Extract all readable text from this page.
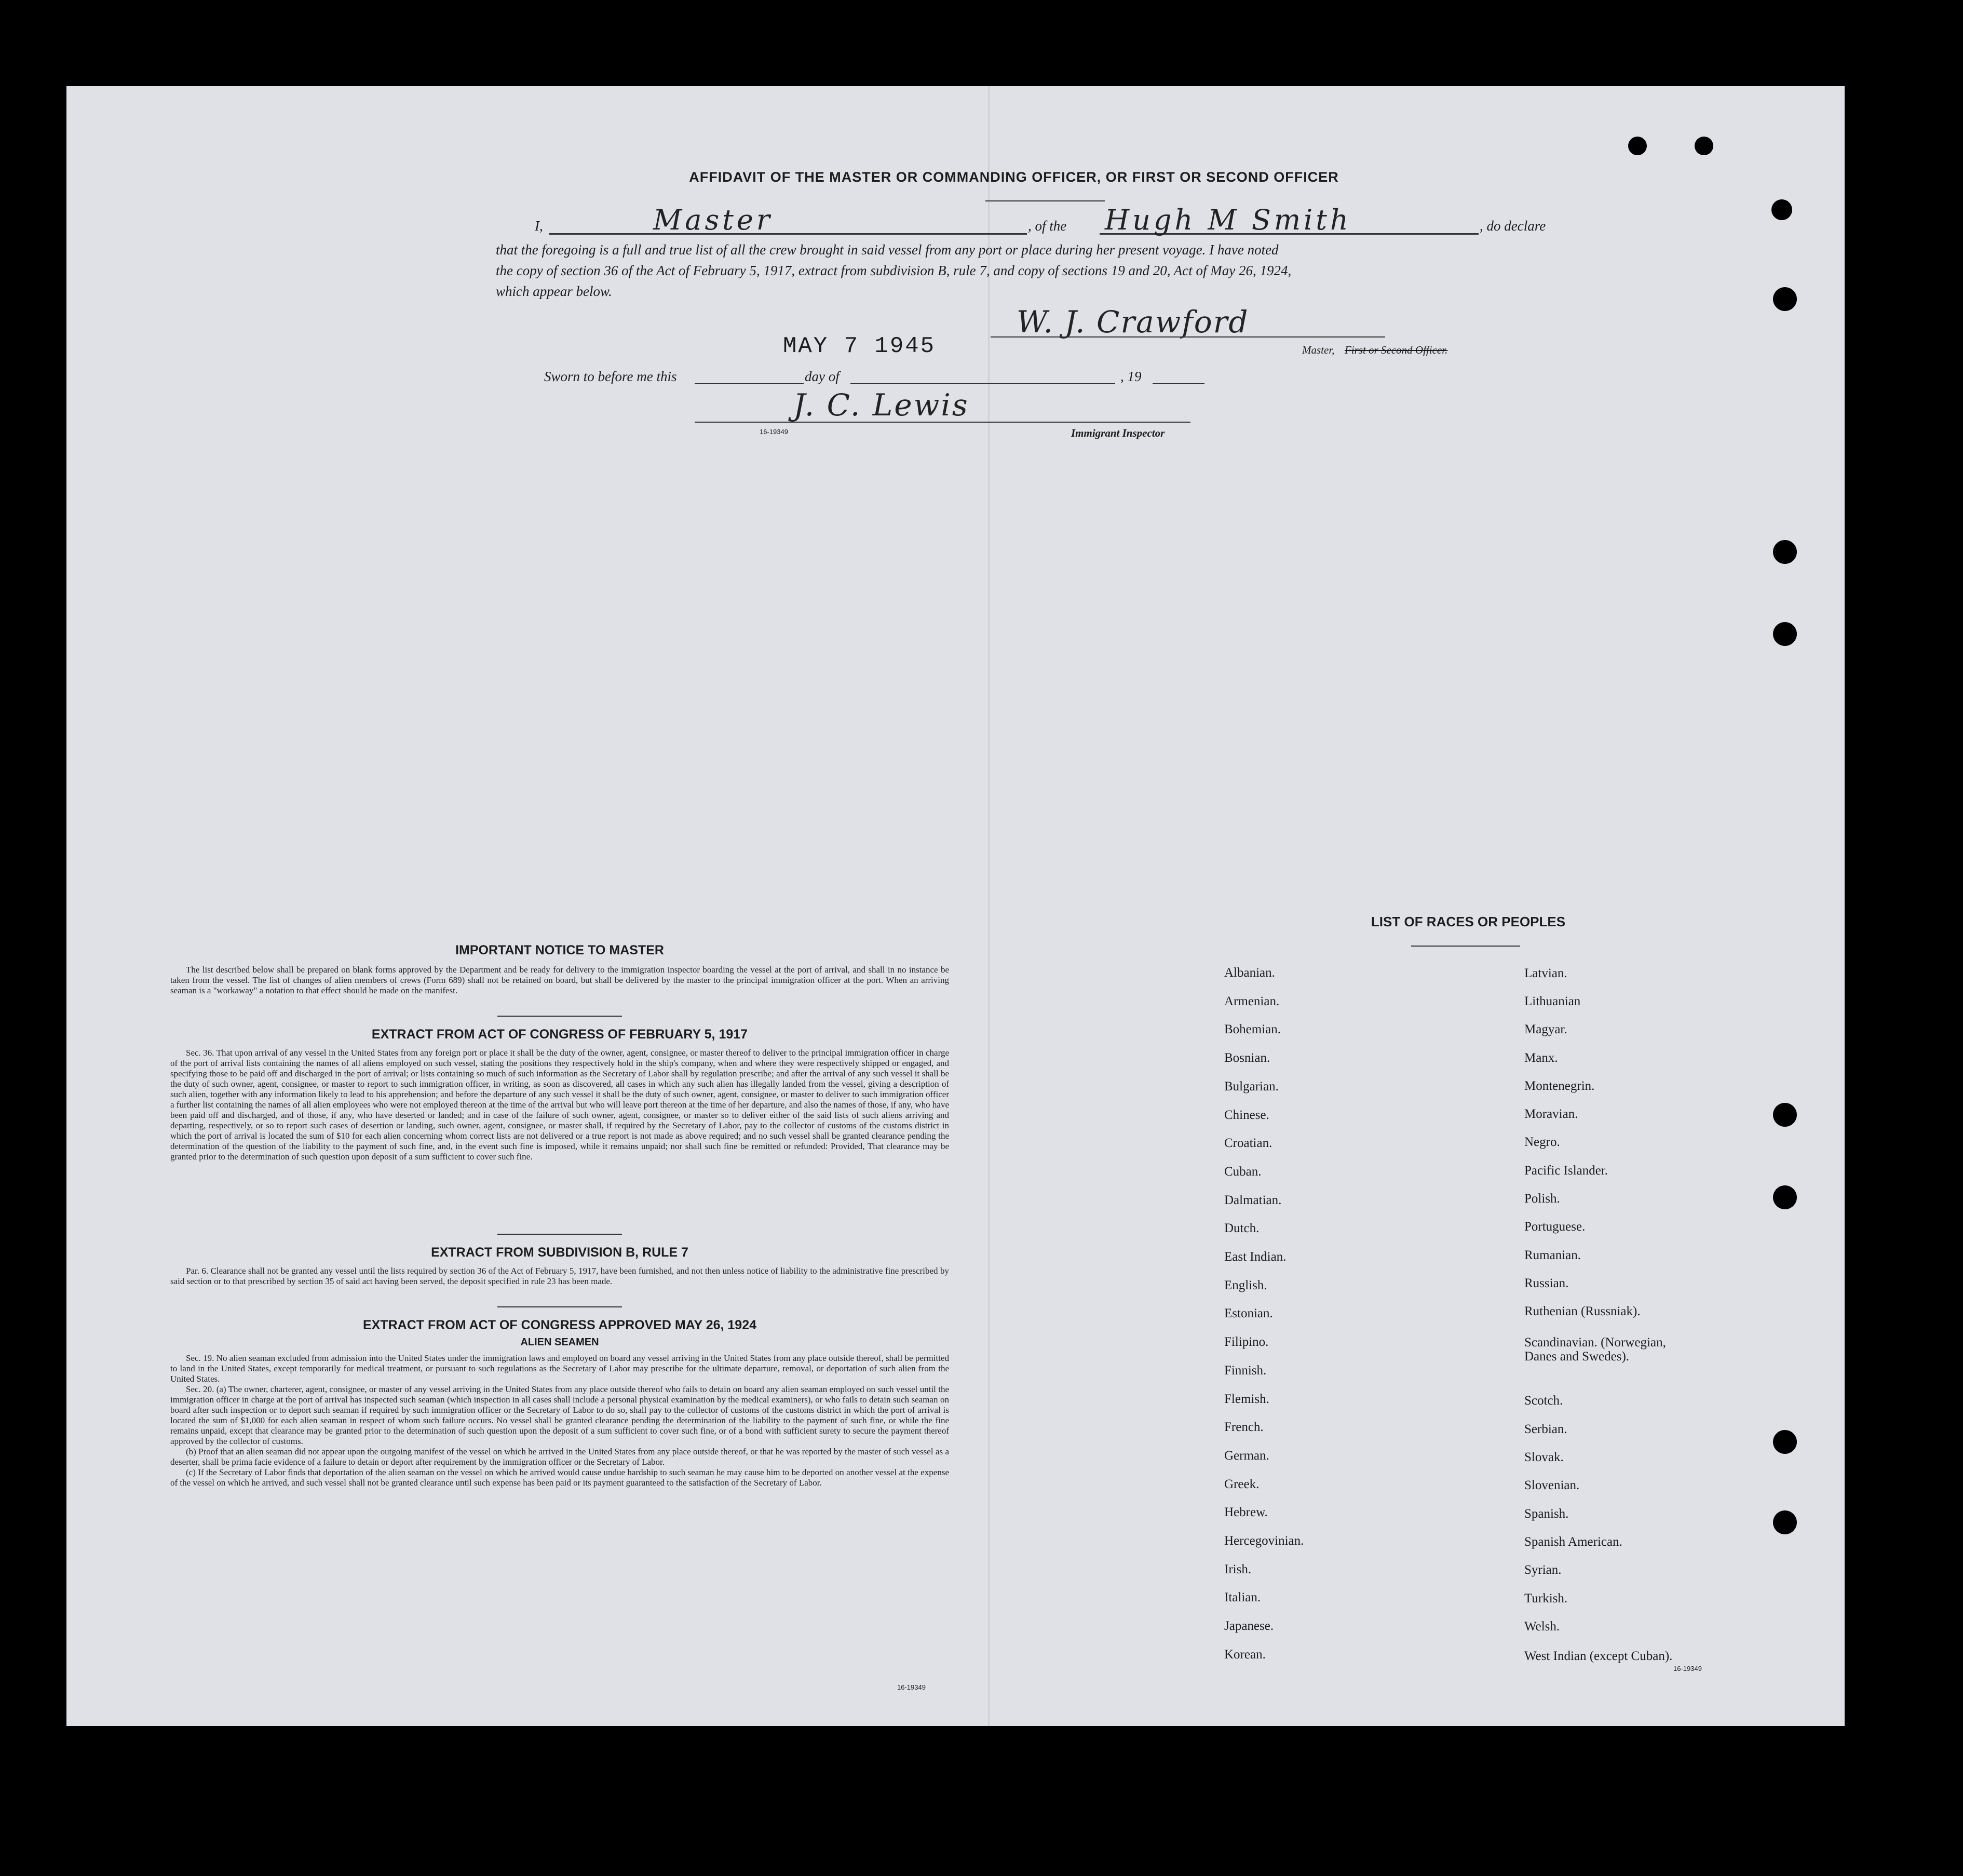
AFFIDAVIT OF THE MASTER OR COMMANDING OFFICER, OR FIRST OR SECOND OFFICER
I,	Master	, of the Hugh M Smith	, do declare
that the foregoing is a full and true list of all the crew brought in said vessel from any port or place during her present voyage. I have noted
the copy of section 36 of the Act of February 5, 1917, extract from subdivision B, rule 7, and copy of sections 19 and 20, Act of May 26, 1924,
which appear below.
MAY 7 1945
W. J. Crawford
Master, First or Second Officer.
Sworn to before me this	day of	, 19
J. C. Lewis
16-19349	Immigrant Inspector
IMPORTANT NOTICE TO MASTER

The list described below shall be prepared on blank forms approved by the Department and be ready for delivery to the immigration inspector boarding the vessel at the port of arrival, and shall in no instance be taken from the vessel. The list of changes of alien members of crews (Form 689) shall not be retained on board, but shall be delivered by the master to the principal immigration officer at the port. When an arriving seaman is a "workaway" a notation to that effect should be made on the manifest.

EXTRACT FROM ACT OF CONGRESS OF FEBRUARY 5, 1917

Sec. 36. That upon arrival of any vessel in the United States from any foreign port or place it shall be the duty of the owner, agent, consignee, or master thereof to deliver to the principal immigration officer in charge of the port of arrival lists containing the names of all aliens employed on such vessel, stating the positions they respectively hold in the ship's company, when and where they were respectively shipped or engaged, and specifying those to be paid off and discharged in the port of arrival; or lists containing so much of such information as the Secretary of Labor shall by regulation prescribe; and after the arrival of any such vessel it shall be the duty of such owner, agent, consignee, or master to report to such immigration officer, in writing, as soon as discovered, all cases in which any such alien has illegally landed from the vessel, giving a description of such alien, together with any information likely to lead to his apprehension; and before the departure of any such vessel it shall be the duty of such owner, agent, consignee, or master to deliver to such immigration officer a further list containing the names of all alien employees who were not employed thereon at the time of the arrival but who will leave port thereon at the time of her departure, and also the names of those, if any, who have been paid off and discharged, and of those, if any, who have deserted or landed; and in case of the failure of such owner, agent, consignee, or master so to deliver either of the said lists of such aliens arriving and departing, respectively, or so to report such cases of desertion or landing, such owner, agent, consignee, or master shall, if required by the Secretary of Labor, pay to the collector of customs of the customs district in which the port of arrival is located the sum of $10 for each alien concerning whom correct lists are not delivered or a true report is not made as above required; and no such vessel shall be granted clearance pending the determination of the question of the liability to the payment of such fine, and, in the event such fine is imposed, while it remains unpaid; nor shall such fine be remitted or refunded: Provided, That clearance may be granted prior to the determination of such question upon deposit of a sum sufficient to cover such fine.

EXTRACT FROM SUBDIVISION B, RULE 7

Par. 6. Clearance shall not be granted any vessel until the lists required by section 36 of the Act of February 5, 1917, have been furnished, and not then unless notice of liability to the administrative fine prescribed by said section or to that prescribed by section 35 of said act having been served, the deposit specified in rule 23 has been made.

EXTRACT FROM ACT OF CONGRESS APPROVED MAY 26, 1924
ALIEN SEAMEN

Sec. 19. No alien seaman excluded from admission into the United States under the immigration laws and employed on board any vessel arriving in the United States from any place outside thereof, shall be permitted to land in the United States, except temporarily for medical treatment, or pursuant to such regulations as the Secretary of Labor may prescribe for the ultimate departure, removal, or deportation of such alien from the United States.

Sec. 20. (a) The owner, charterer, agent, consignee, or master of any vessel arriving in the United States from any place outside thereof who fails to detain on board any alien seaman employed on such vessel until the immigration officer in charge at the port of arrival has inspected such seaman (which inspection in all cases shall include a personal physical examination by the medical examiners), or who fails to detain such seaman on board after such inspection or to deport such seaman if required by such immigration officer or the Secretary of Labor to do so, shall pay to the collector of customs of the customs district in which the port of arrival is located the sum of $1,000 for each alien seaman in respect of whom such failure occurs. No vessel shall be granted clearance pending the determination of the liability to the payment of such fine, or while the fine remains unpaid, except that clearance may be granted prior to the determination of such question upon the deposit of a sum sufficient to cover such fine, or of a bond with sufficient surety to secure the payment thereof approved by the collector of customs.

(b) Proof that an alien seaman did not appear upon the outgoing manifest of the vessel on which he arrived in the United States from any place outside thereof, or that he was reported by the master of such vessel as a deserter, shall be prima facie evidence of a failure to detain or deport after requirement by the immigration officer or the Secretary of Labor.

(c) If the Secretary of Labor finds that deportation of the alien seaman on the vessel on which he arrived would cause undue hardship to such seaman he may cause him to be deported on another vessel at the expense of the vessel on which he arrived, and such vessel shall not be granted clearance until such expense has been paid or its payment guaranteed to the satisfaction of the Secretary of Labor.

16-19349
LIST OF RACES OR PEOPLES
Albanian.
Armenian.
Bohemian.
Bosnian.
Bulgarian.
Chinese.
Croatian.
Cuban.
Dalmatian.
Dutch.
East Indian.
English.
Estonian.
Filipino.
Finnish.
Flemish.
French.
German.
Greek.
Hebrew.
Hercegovinian.
Irish.
Italian.
Japanese.
Korean.
Latvian.
Lithuanian
Magyar.
Manx.
Montenegrin.
Moravian.
Negro.
Pacific Islander.
Polish.
Portuguese.
Rumanian.
Russian.
Ruthenian (Russniak).
Scandinavian. (Norwegian, Danes and Swedes).
Scotch.
Serbian.
Slovak.
Slovenian.
Spanish.
Spanish American.
Syrian.
Turkish.
Welsh.
West Indian (except Cuban).
16-19349
